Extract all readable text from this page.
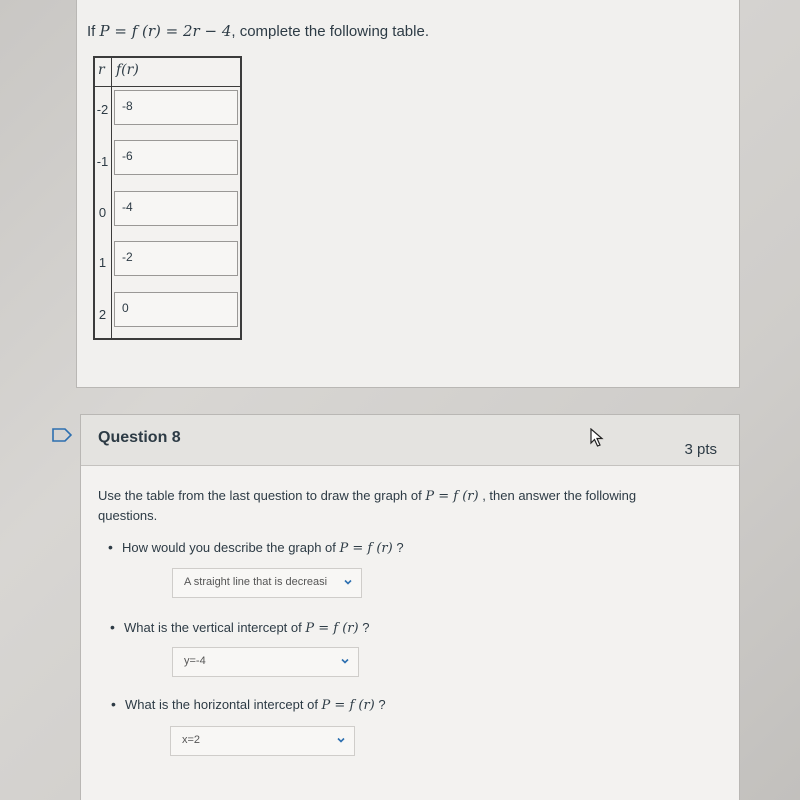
If P = f (r) = 2r − 4, complete the following table.
r f(r)
-2	-8
-1	-6
0	-4
1	-2
2	0
Question 8
3 pts
Use the table from the last question to draw the graph of P = f (r) , then answer the following questions.
• How would you describe the graph of P = f (r) ?
A straight line that is decreasi
• What is the vertical intercept of P = f (r) ?
y=-4
• What is the horizontal intercept of P = f (r) ?
x=2
